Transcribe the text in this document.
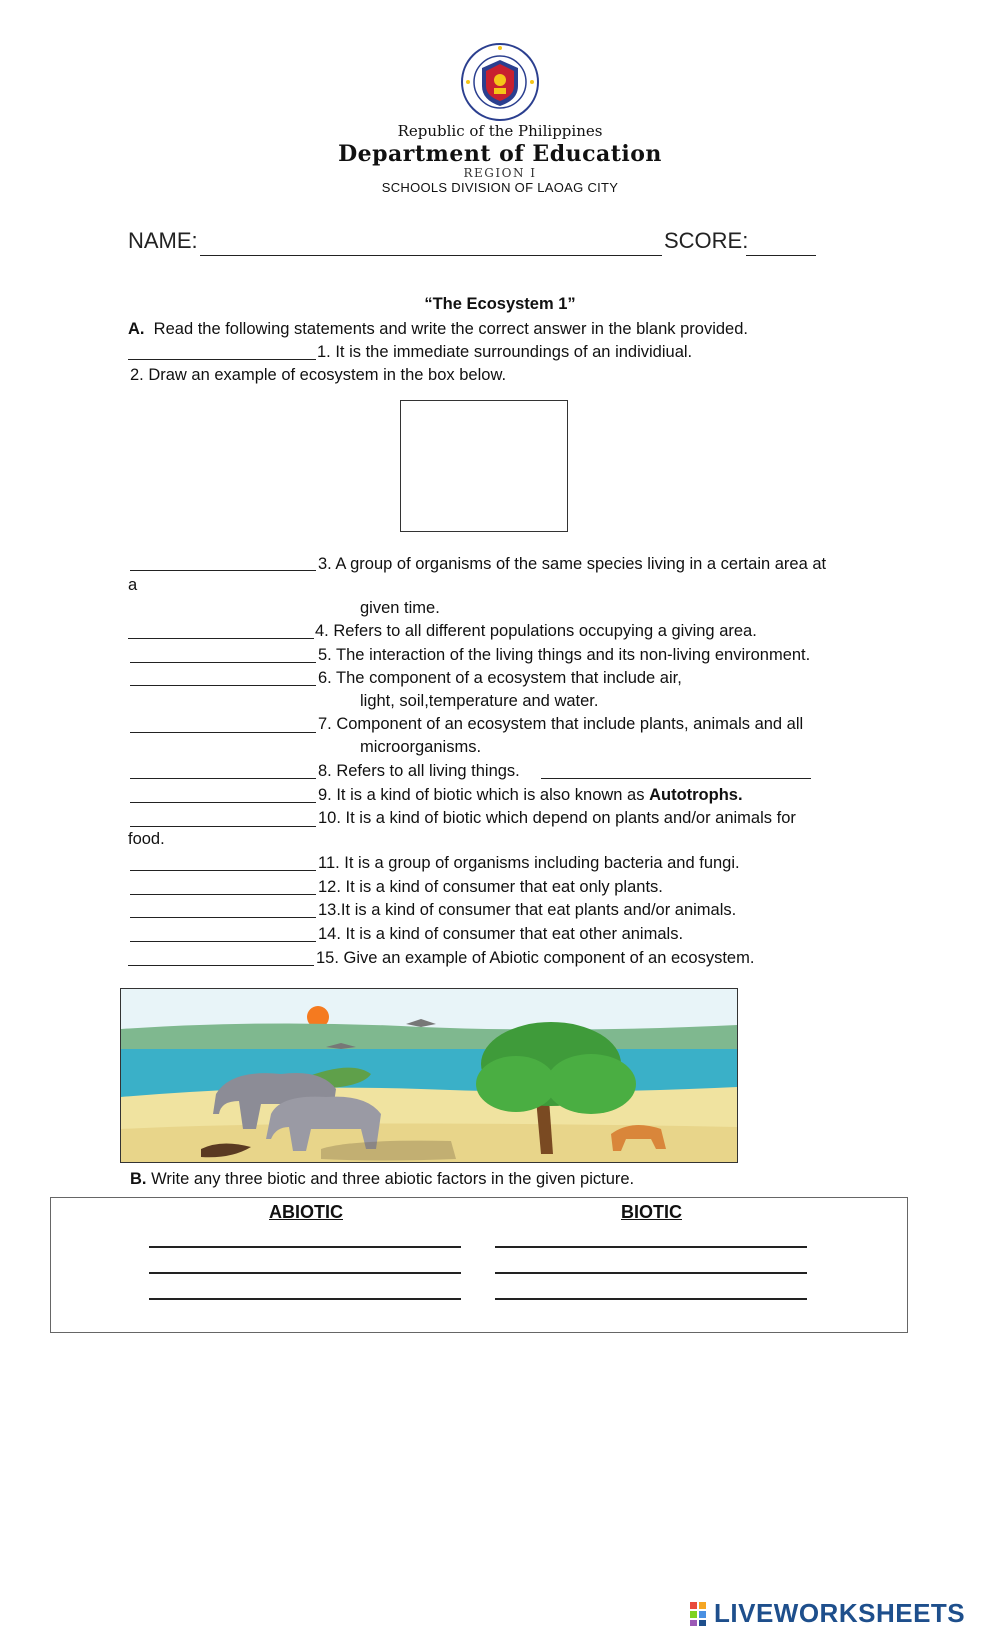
Republic of the Philippines
Department of Education
REGION I
SCHOOLS DIVISION OF LAOAG CITY
NAME:	SCORE:
“The Ecosystem 1”
A. Read the following statements and write the correct answer in the blank provided.
1. It is the immediate surroundings of an individiual.
2. Draw an example of ecosystem in the box below.
3. A group of organisms of the same species living in a certain area at
a
given time.
4. Refers to all different populations occupying a giving area.
5. The interaction of the living things and its non-living environment.
6. The component of a ecosystem that include air,
light, soil,temperature and water.
7. Component of an ecosystem that include plants, animals and all
microorganisms.
8. Refers to all living things.
9. It is a kind of biotic which is also known as Autotrophs.
10. It is a kind of biotic which depend on plants and/or animals for
food.
11. It is a group of organisms including bacteria and fungi.
12. It is a kind of consumer that eat only plants.
13.It is a kind of consumer that eat plants and/or animals.
14. It is a kind of consumer that eat other animals.
15. Give an example of Abiotic component of an ecosystem.
B. Write any three biotic and three abiotic factors in the given picture.
ABIOTIC	BIOTIC
LIVEWORKSHEETS
